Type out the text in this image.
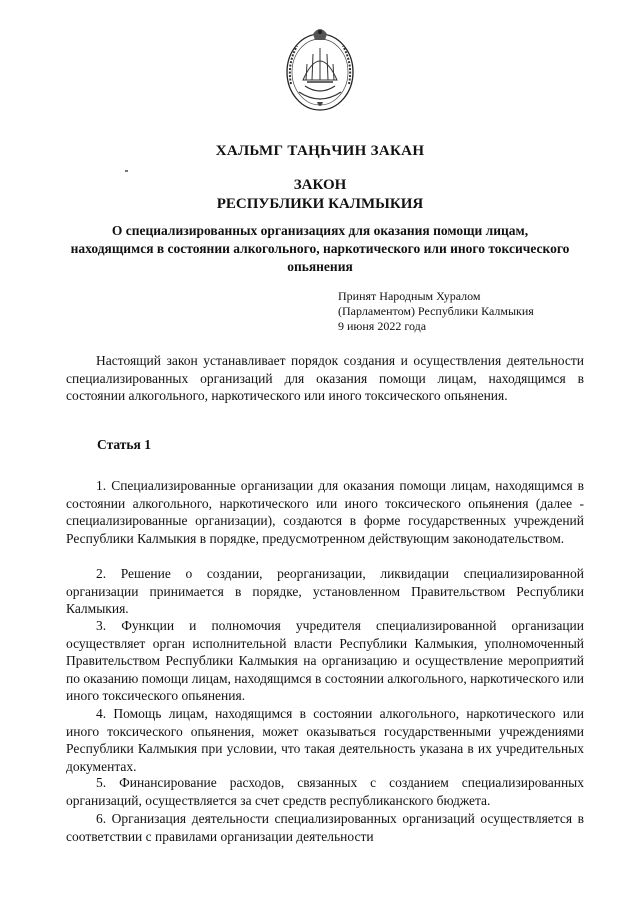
ХАЛЬМГ ТАҢҺЧИН ЗАКАН
ЗАКОН
РЕСПУБЛИКИ КАЛМЫКИЯ
О специализированных организациях для оказания помощи лицам, находящимся в состоянии алкогольного, наркотического или иного токсического опьянения
Принят Народным Хуралом
(Парламентом) Республики Калмыкия
9 июня 2022 года

Настоящий закон устанавливает порядок создания и осуществления деятельности специализированных организаций для оказания помощи лицам, находящимся в состоянии алкогольного, наркотического или иного токсического опьянения.

Статья 1

1. Специализированные организации для оказания помощи лицам, находящимся в состоянии алкогольного, наркотического или иного токсического опьянения (далее - специализированные организации), создаются в форме государственных учреждений Республики Калмыкия в порядке, предусмотренном действующим законодательством.

2. Решение о создании, реорганизации, ликвидации специализированной организации принимается в порядке, установленном Правительством Республики Калмыкия.

3. Функции и полномочия учредителя специализированной организации осуществляет орган исполнительной власти Республики Калмыкия, уполномоченный Правительством Республики Калмыкия на организацию и осуществление мероприятий по оказанию помощи лицам, находящимся в состоянии алкогольного, наркотического или иного токсического опьянения.

4. Помощь лицам, находящимся в состоянии алкогольного, наркотического или иного токсического опьянения, может оказываться государственными учреждениями Республики Калмыкия при условии, что такая деятельность указана в их учредительных документах.

5. Финансирование расходов, связанных с созданием специализированных организаций, осуществляется за счет средств республиканского бюджета.

6. Организация деятельности специализированных организаций осуществляется в соответствии с правилами организации деятельности
